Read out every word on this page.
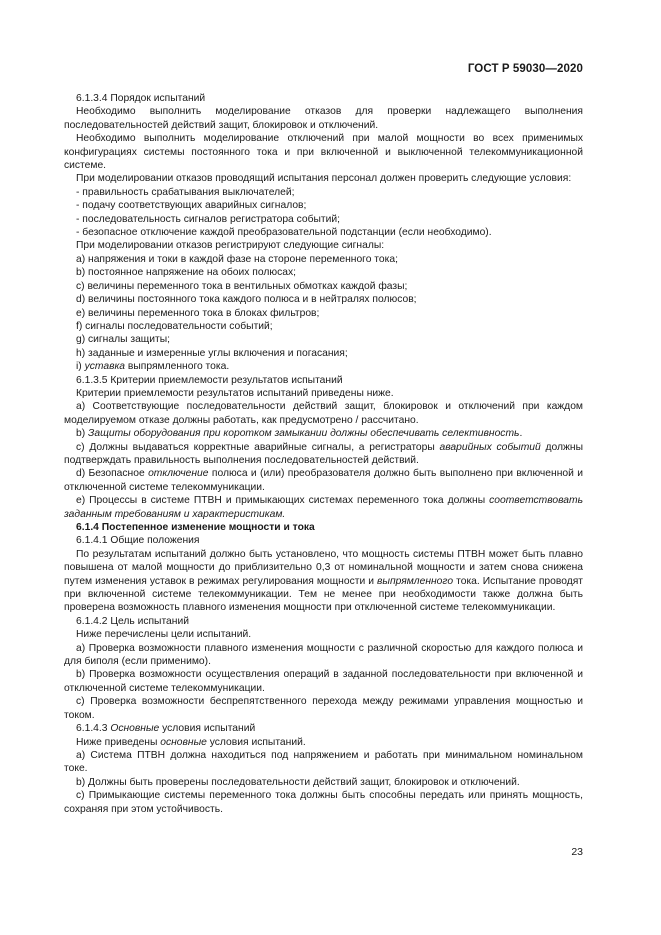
ГОСТ Р 59030—2020

6.1.3.4 Порядок испытаний

Необходимо выполнить моделирование отказов для проверки надлежащего выполнения последовательностей действий защит, блокировок и отключений.

Необходимо выполнить моделирование отключений при малой мощности во всех применимых конфигурациях системы постоянного тока и при включенной и выключенной телекоммуникационной системе.

При моделировании отказов проводящий испытания персонал должен проверить следующие условия:

- правильность срабатывания выключателей;

- подачу соответствующих аварийных сигналов;

- последовательность сигналов регистратора событий;

- безопасное отключение каждой преобразовательной подстанции (если необходимо).

При моделировании отказов регистрируют следующие сигналы:

a) напряжения и токи в каждой фазе на стороне переменного тока;

b) постоянное напряжение на обоих полюсах;

c) величины переменного тока в вентильных обмотках каждой фазы;

d) величины постоянного тока каждого полюса и в нейтралях полюсов;

e) величины переменного тока в блоках фильтров;

f) сигналы последовательности событий;

g) сигналы защиты;

h) заданные и измеренные углы включения и погасания;

i) уставка выпрямленного тока.

6.1.3.5 Критерии приемлемости результатов испытаний

Критерии приемлемости результатов испытаний приведены ниже.

a) Соответствующие последовательности действий защит, блокировок и отключений при каждом моделируемом отказе должны работать, как предусмотрено / рассчитано.

b) Защиты оборудования при коротком замыкании должны обеспечивать селективность.

c) Должны выдаваться корректные аварийные сигналы, а регистраторы аварийных событий должны подтверждать правильность выполнения последовательностей действий.

d) Безопасное отключение полюса и (или) преобразователя должно быть выполнено при включенной и отключенной системе телекоммуникации.

e) Процессы в системе ПТВН и примыкающих системах переменного тока должны соответствовать заданным требованиям и характеристикам.

6.1.4 Постепенное изменение мощности и тока

6.1.4.1 Общие положения

По результатам испытаний должно быть установлено, что мощность системы ПТВН может быть плавно повышена от малой мощности до приблизительно 0,3 от номинальной мощности и затем снова снижена путем изменения уставок в режимах регулирования мощности и выпрямленного тока. Испытание проводят при включенной системе телекоммуникации. Тем не менее при необходимости также должна быть проверена возможность плавного изменения мощности при отключенной системе телекоммуникации.

6.1.4.2 Цель испытаний

Ниже перечислены цели испытаний.

a) Проверка возможности плавного изменения мощности с различной скоростью для каждого полюса и для биполя (если применимо).

b) Проверка возможности осуществления операций в заданной последовательности при включенной и отключенной системе телекоммуникации.

c) Проверка возможности беспрепятственного перехода между режимами управления мощностью и током.

6.1.4.3 Основные условия испытаний

Ниже приведены основные условия испытаний.

a) Система ПТВН должна находиться под напряжением и работать при минимальном номинальном токе.

b) Должны быть проверены последовательности действий защит, блокировок и отключений.

c) Примыкающие системы переменного тока должны быть способны передать или принять мощность, сохраняя при этом устойчивость.

23
